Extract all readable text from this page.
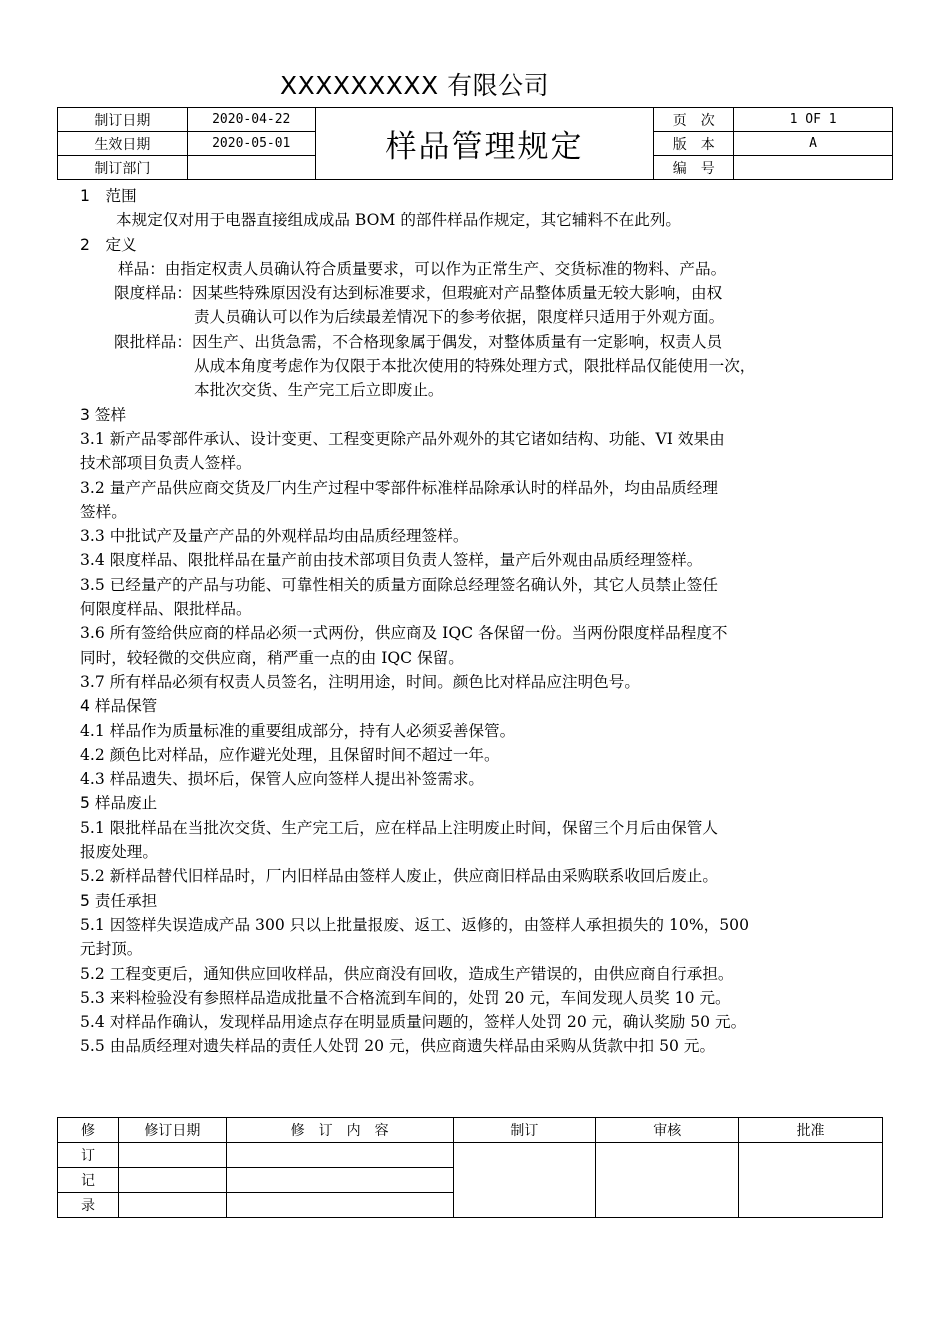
XXXXXXXXX 有限公司
制订日期	2020-04-22	样品管理规定	页　次	1 OF 1
生效日期	2020-05-01		版　本	A
制订部门			编　号	
1　范围
本规定仅对用于电器直接组成成品 BOM 的部件样品作规定，其它辅料不在此列。
2　定义
样品：由指定权责人员确认符合质量要求，可以作为正常生产、交货标准的物料、产品。
限度样品：因某些特殊原因没有达到标准要求，但瑕疵对产品整体质量无较大影响，由权
责人员确认可以作为后续最差情况下的参考依据，限度样只适用于外观方面。
限批样品：因生产、出货急需，不合格现象属于偶发，对整体质量有一定影响，权责人员
从成本角度考虑作为仅限于本批次使用的特殊处理方式，限批样品仅能使用一次，
本批次交货、生产完工后立即废止。
3 签样
3.1 新产品零部件承认、设计变更、工程变更除产品外观外的其它诸如结构、功能、VI 效果由
技术部项目负责人签样。
3.2 量产产品供应商交货及厂内生产过程中零部件标准样品除承认时的样品外，均由品质经理
签样。
3.3 中批试产及量产产品的外观样品均由品质经理签样。
3.4 限度样品、限批样品在量产前由技术部项目负责人签样，量产后外观由品质经理签样。
3.5 已经量产的产品与功能、可靠性相关的质量方面除总经理签名确认外，其它人员禁止签任
何限度样品、限批样品。
3.6 所有签给供应商的样品必须一式两份，供应商及 IQC 各保留一份。当两份限度样品程度不
同时，较轻微的交供应商，稍严重一点的由 IQC 保留。
3.7 所有样品必须有权责人员签名，注明用途，时间。颜色比对样品应注明色号。
4 样品保管
4.1 样品作为质量标准的重要组成部分，持有人必须妥善保管。
4.2 颜色比对样品，应作避光处理，且保留时间不超过一年。
4.3 样品遗失、损坏后，保管人应向签样人提出补签需求。
5 样品废止
5.1 限批样品在当批次交货、生产完工后，应在样品上注明废止时间，保留三个月后由保管人
报废处理。
5.2 新样品替代旧样品时，厂内旧样品由签样人废止，供应商旧样品由采购联系收回后废止。
5 责任承担
5.1 因签样失误造成产品 300 只以上批量报废、返工、返修的，由签样人承担损失的 10%，500
元封顶。
5.2 工程变更后，通知供应回收样品，供应商没有回收，造成生产错误的，由供应商自行承担。
5.3 来料检验没有参照样品造成批量不合格流到车间的，处罚 20 元，车间发现人员奖 10 元。
5.4 对样品作确认，发现样品用途点存在明显质量问题的，签样人处罚 20 元，确认奖励 50 元。
5.5 由品质经理对遗失样品的责任人处罚 20 元，供应商遗失样品由采购从货款中扣 50 元。
修	修订日期	修　订　内　容	制订	审核	批准
订					
记					
录					
